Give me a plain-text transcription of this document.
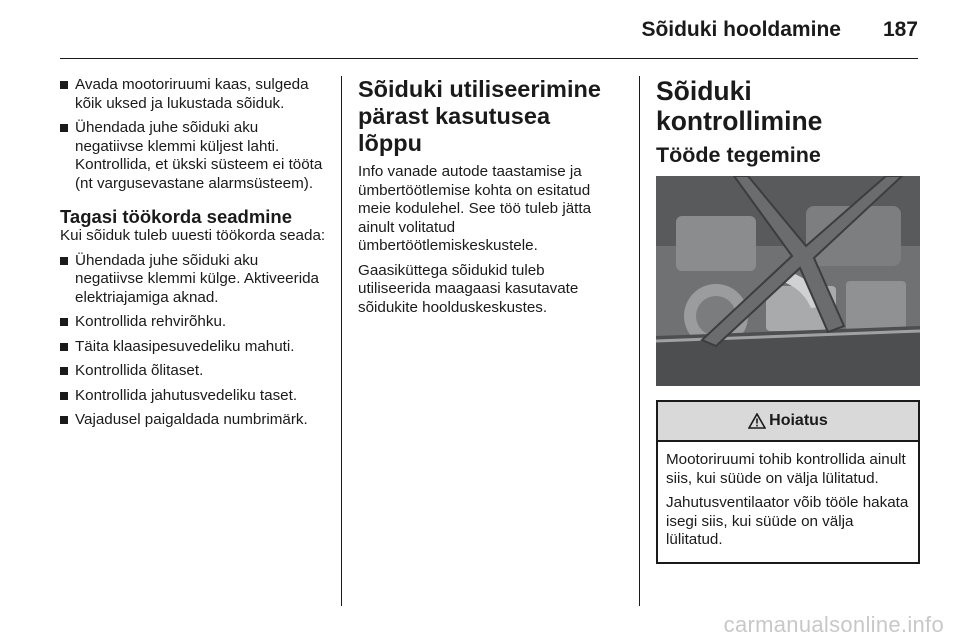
Sõiduki hooldamine 187
Avada mootoriruumi kaas, sulgeda kõik uksed ja lukustada sõiduk.
Ühendada juhe sõiduki aku negatiivse klemmi küljest lahti. Kontrollida, et ükski süsteem ei tööta (nt vargusevastane alarmsüsteem).
Tagasi töökorda seadmine

Kui sõiduk tuleb uuesti töökorda seada:

Ühendada juhe sõiduki aku negatiivse klemmi külge. Aktiveerida elektriajamiga aknad.
Kontrollida rehvirõhku.
Täita klaasipesuvedeliku mahuti.
Kontrollida õlitaset.
Kontrollida jahutusvedeliku taset.
Vajadusel paigaldada numbrimärk.
Sõiduki utiliseerimine pärast kasutusea lõppu

Info vanade autode taastamise ja ümbertöötlemise kohta on esitatud meie kodulehel. See töö tuleb jätta ainult volitatud ümbertöötlemiskeskustele.

Gaasiküttega sõidukid tuleb utiliseerida maagaasi kasutavate sõidukite hoolduskeskustes.

Sõiduki kontrollimine
Tööde tegemine
Hoiatus

Mootoriruumi tohib kontrollida ainult siis, kui süüde on välja lülitatud.

Jahutusventilaator võib tööle hakata isegi siis, kui süüde on välja lülitatud.

carmanualsonline.info
